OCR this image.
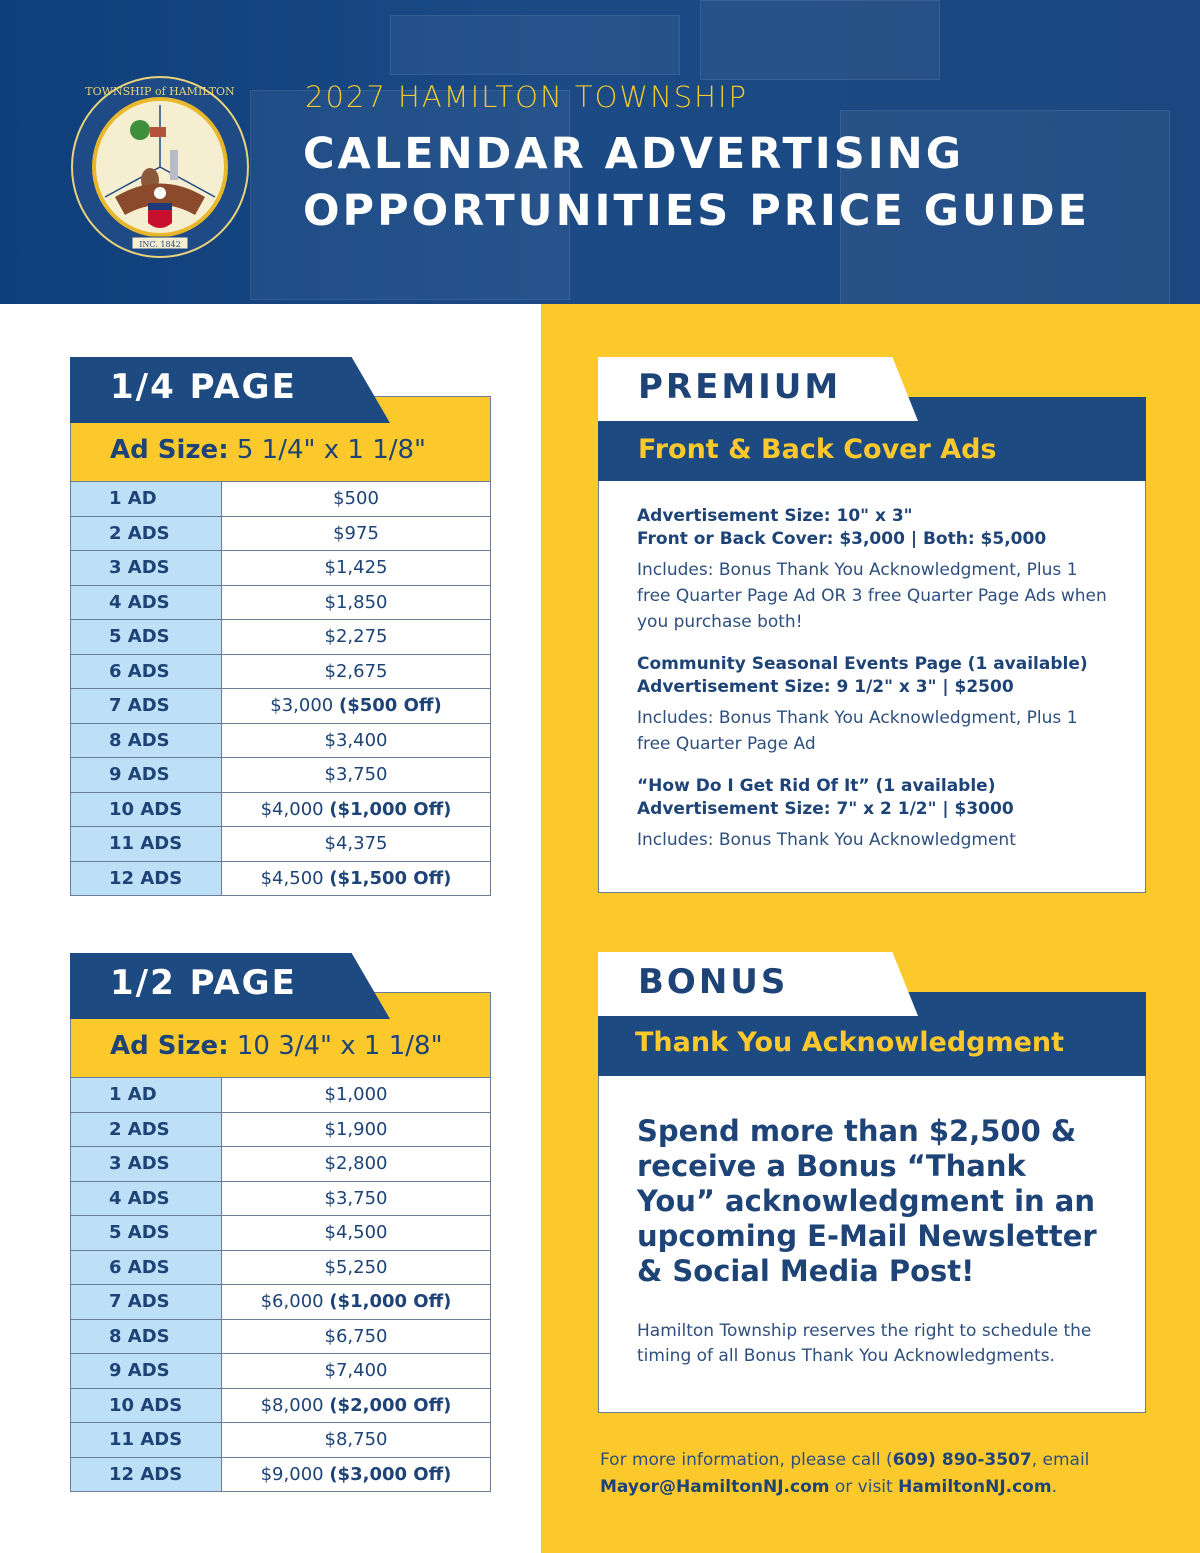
INC. 1842
TOWNSHIP of HAMILTON 2027 HAMILTON TOWNSHIP
CALENDAR ADVERTISING
OPPORTUNITIES PRICE GUIDE
1/4 PAGE
Ad Size: 5 1/4" x 1 1/8"
1 AD	$500
2 ADS	$975
3 ADS	$1,425
4 ADS	$1,850
5 ADS	$2,275
6 ADS	$2,675
7 ADS	$3,000 ($500 Off)
8 ADS	$3,400
9 ADS	$3,750
10 ADS	$4,000 ($1,000 Off)
11 ADS	$4,375
12 ADS	$4,500 ($1,500 Off)
1/2 PAGE
Ad Size: 10 3/4" x 1 1/8"
1 AD	$1,000
2 ADS	$1,900
3 ADS	$2,800
4 ADS	$3,750
5 ADS	$4,500
6 ADS	$5,250
7 ADS	$6,000 ($1,000 Off)
8 ADS	$6,750
9 ADS	$7,400
10 ADS	$8,000 ($2,000 Off)
11 ADS	$8,750
12 ADS	$9,000 ($3,000 Off)
PREMIUM
Front & Back Cover Ads
Advertisement Size: 10" x 3"
Front or Back Cover: $3,000 | Both: $5,000
Includes: Bonus Thank You Acknowledgment, Plus 1 free Quarter Page Ad OR 3 free Quarter Page Ads when you purchase both!
Community Seasonal Events Page (1 available)
Advertisement Size: 9 1/2" x 3" | $2500
Includes: Bonus Thank You Acknowledgment, Plus 1 free Quarter Page Ad
“How Do I Get Rid Of It” (1 available)
Advertisement Size: 7" x 2 1/2" | $3000
Includes: Bonus Thank You Acknowledgment
BONUS
Thank You Acknowledgment
Spend more than $2,500 & receive a Bonus “Thank You” acknowledgment in an upcoming E-Mail Newsletter & Social Media Post!
Hamilton Township reserves the right to schedule the timing of all Bonus Thank You Acknowledgments.
For more information, please call (609) 890-3507, email Mayor@HamiltonNJ.com or visit HamiltonNJ.com.
